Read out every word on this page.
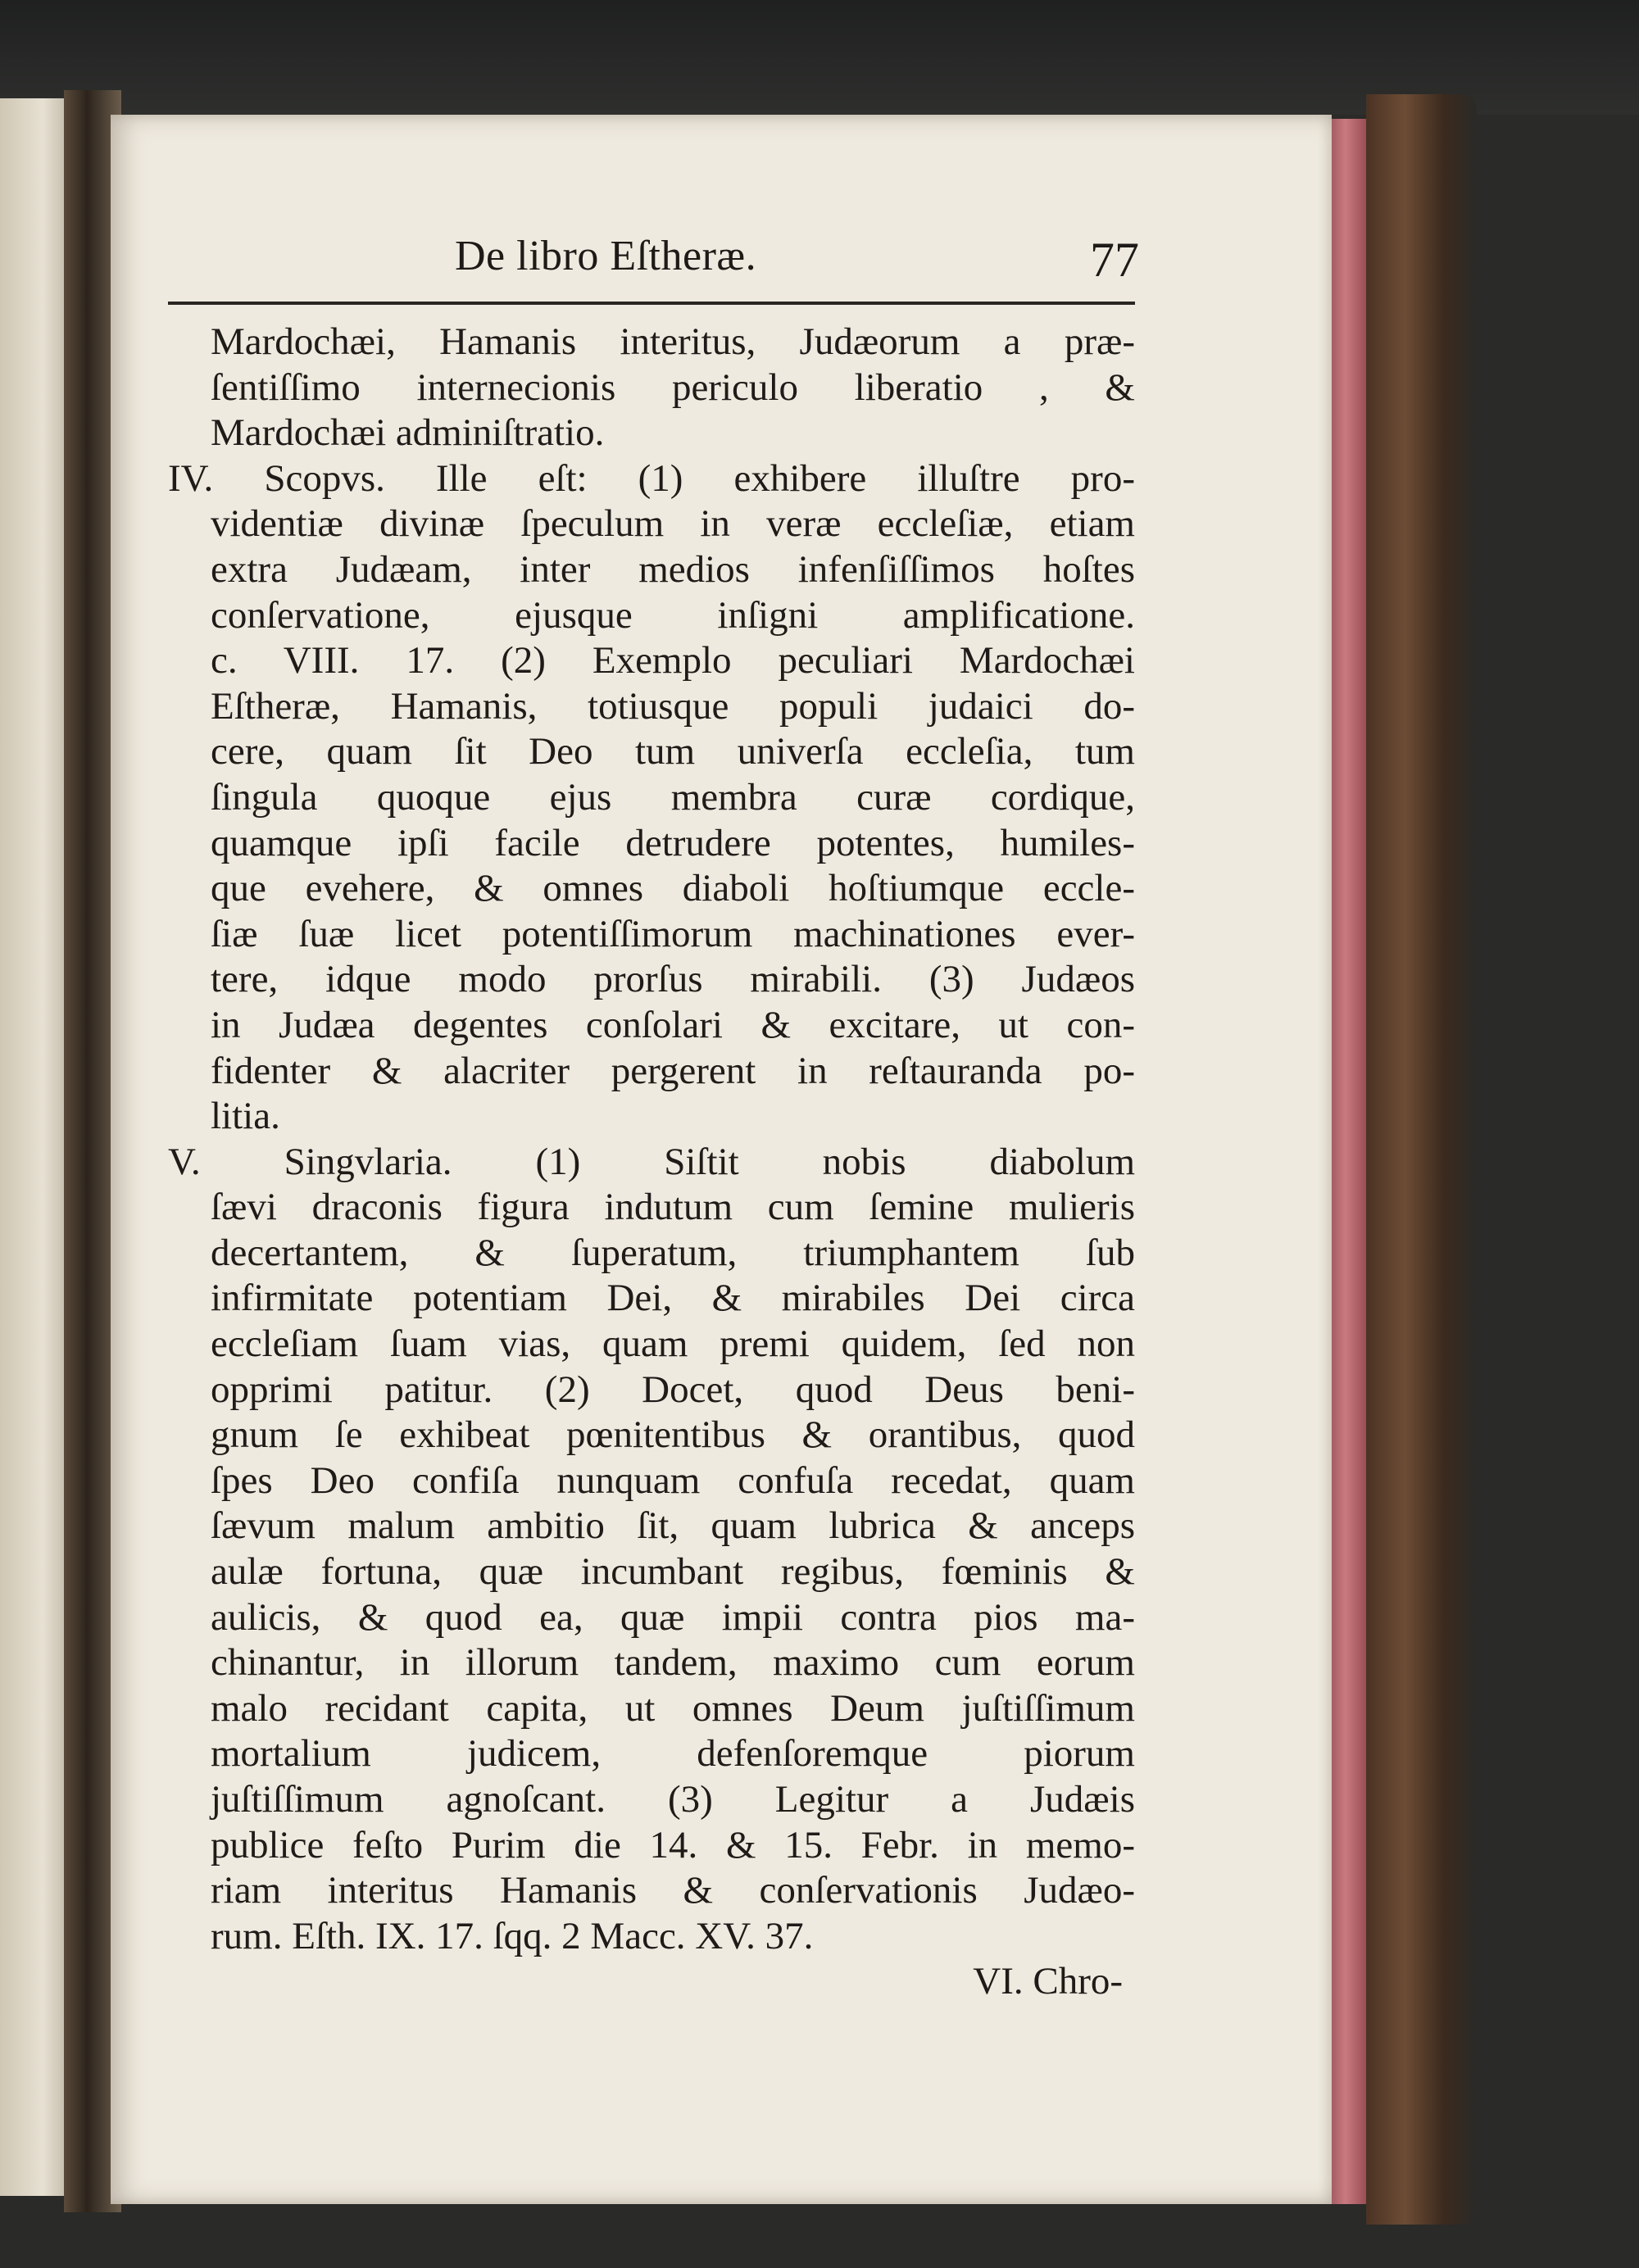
De libro Eſtheræ.	77
Mardochæi, Hamanis interitus, Judæorum a præ-
ſentiſſimo internecionis periculo liberatio , &
Mardochæi adminiſtratio.
IV. Scopvs. Ille eſt: (1) exhibere illuſtre pro-
videntiæ divinæ ſpeculum in veræ eccleſiæ, etiam
extra Judæam, inter medios infenſiſſimos hoſtes
conſervatione, ejusque inſigni amplificatione.
c. VIII. 17. (2) Exemplo peculiari Mardochæi
Eſtheræ, Hamanis, totiusque populi judaici do-
cere, quam ſit Deo tum univerſa eccleſia, tum
ſingula quoque ejus membra curæ cordique,
quamque ipſi facile detrudere potentes, humiles-
que evehere, & omnes diaboli hoſtiumque eccle-
ſiæ ſuæ licet potentiſſimorum machinationes ever-
tere, idque modo prorſus mirabili. (3) Judæos
in Judæa degentes conſolari & excitare, ut con-
fidenter & alacriter pergerent in reſtauranda po-
litia.
V. Singvlaria. (1) Siſtit nobis diabolum
ſævi draconis figura indutum cum ſemine mulieris
decertantem, & ſuperatum, triumphantem ſub
infirmitate potentiam Dei, & mirabiles Dei circa
eccleſiam ſuam vias, quam premi quidem, ſed non
opprimi patitur. (2) Docet, quod Deus beni-
gnum ſe exhibeat pœnitentibus & orantibus, quod
ſpes Deo confiſa nunquam confuſa recedat, quam
ſævum malum ambitio ſit, quam lubrica & anceps
aulæ fortuna, quæ incumbant regibus, fœminis &
aulicis, & quod ea, quæ impii contra pios ma-
chinantur, in illorum tandem, maximo cum eorum
malo recidant capita, ut omnes Deum juſtiſſimum
mortalium judicem, defenſoremque piorum
juſtiſſimum agnoſcant. (3) Legitur a Judæis
publice feſto Purim die 14. & 15. Febr. in memo-
riam interitus Hamanis & conſervationis Judæo-
rum. Eſth. IX. 17. ſqq. 2 Macc. XV. 37.
VI. Chro-
